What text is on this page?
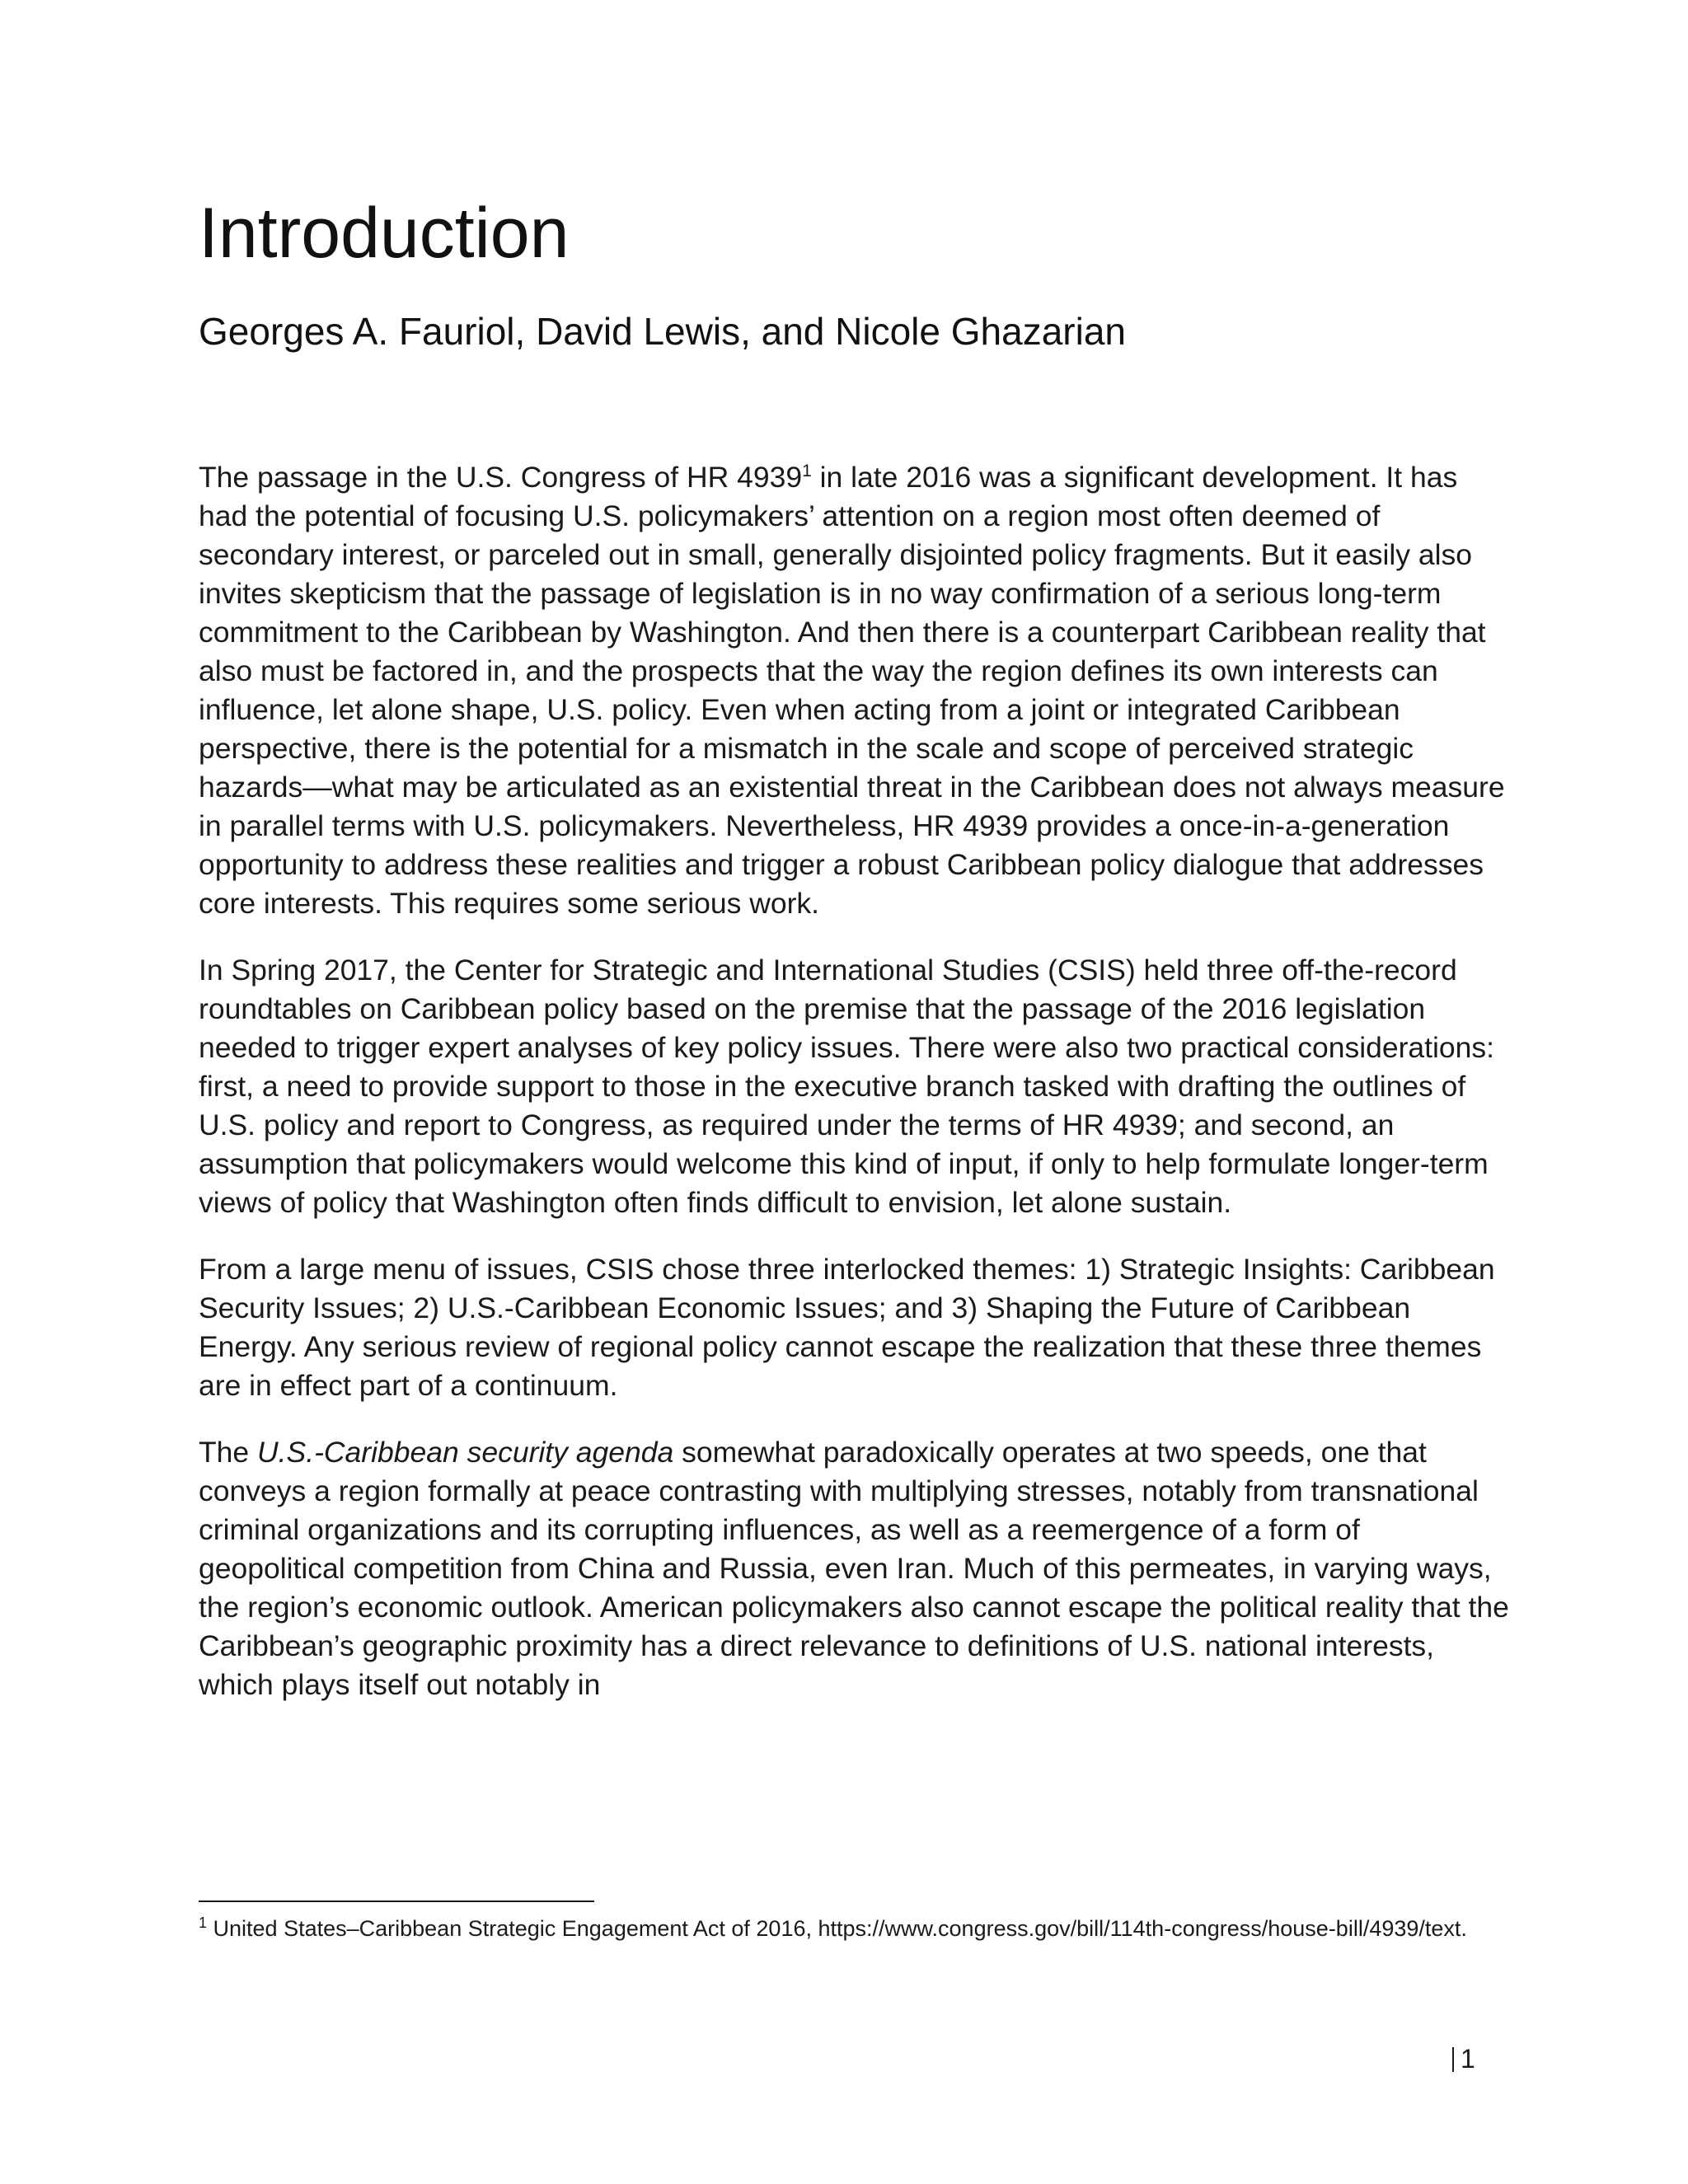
Introduction
Georges A. Fauriol, David Lewis, and Nicole Ghazarian

The passage in the U.S. Congress of HR 4939$^1$ in late 2016 was a significant development. It has had the potential of focusing U.S. policymakers’ attention on a region most often deemed of secondary interest, or parceled out in small, generally disjointed policy fragments. But it easily also invites skepticism that the passage of legislation is in no way confirmation of a serious long-term commitment to the Caribbean by Washington. And then there is a counterpart Caribbean reality that also must be factored in, and the prospects that the way the region defines its own interests can influence, let alone shape, U.S. policy. Even when acting from a joint or integrated Caribbean perspective, there is the potential for a mismatch in the scale and scope of perceived strategic hazards—what may be articulated as an existential threat in the Caribbean does not always measure in parallel terms with U.S. policymakers. Nevertheless, HR 4939 provides a once-in-a-generation opportunity to address these realities and trigger a robust Caribbean policy dialogue that addresses core interests. This requires some serious work.

In Spring 2017, the Center for Strategic and International Studies (CSIS) held three off-the-record roundtables on Caribbean policy based on the premise that the passage of the 2016 legislation needed to trigger expert analyses of key policy issues. There were also two practical considerations: first, a need to provide support to those in the executive branch tasked with drafting the outlines of U.S. policy and report to Congress, as required under the terms of HR 4939; and second, an assumption that policymakers would welcome this kind of input, if only to help formulate longer-term views of policy that Washington often finds difficult to envision, let alone sustain.

From a large menu of issues, CSIS chose three interlocked themes: 1) Strategic Insights: Caribbean Security Issues; 2) U.S.-Caribbean Economic Issues; and 3) Shaping the Future of Caribbean Energy. Any serious review of regional policy cannot escape the realization that these three themes are in effect part of a continuum.

The U.S.-Caribbean security agenda somewhat paradoxically operates at two speeds, one that conveys a region formally at peace contrasting with multiplying stresses, notably from transnational criminal organizations and its corrupting influences, as well as a reemergence of a form of geopolitical competition from China and Russia, even Iran. Much of this permeates, in varying ways, the region’s economic outlook. American policymakers also cannot escape the political reality that the Caribbean’s geographic proximity has a direct relevance to definitions of U.S. national interests, which plays itself out notably in

$^1$ United States–Caribbean Strategic Engagement Act of 2016, https://www.congress.gov/bill/114th-congress/house-bill/4939/text.

1
